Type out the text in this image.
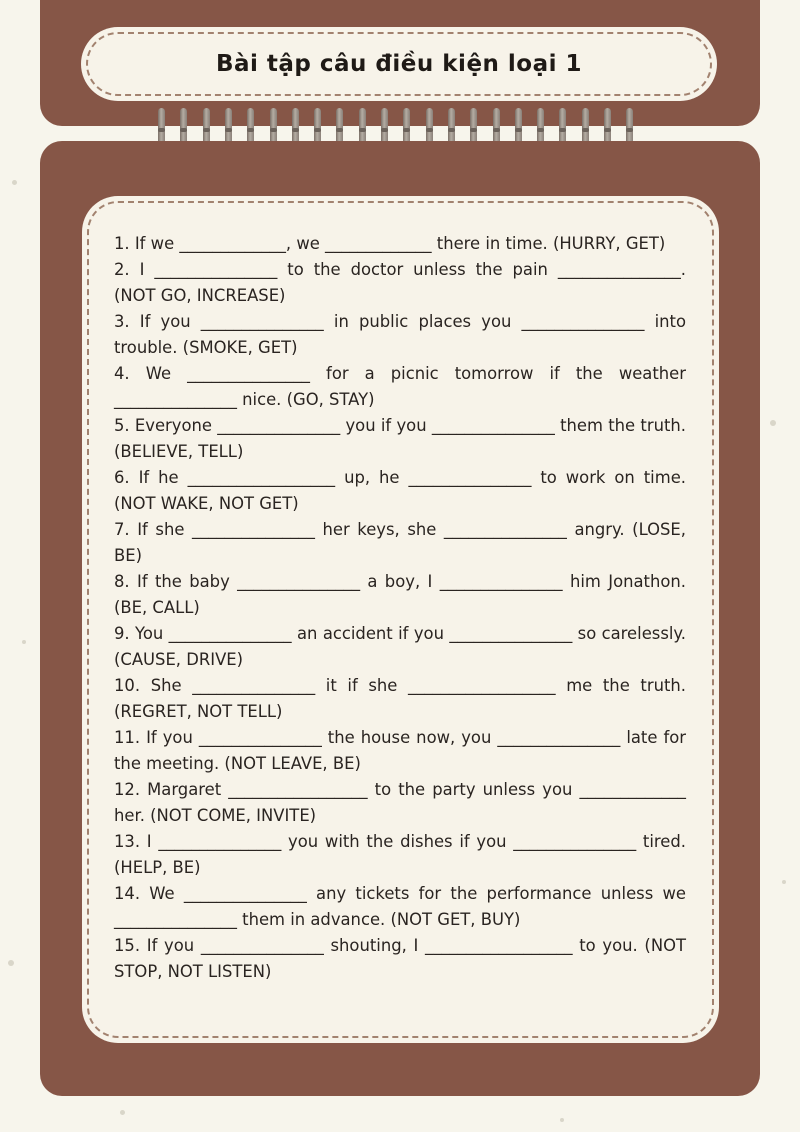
Bài tập câu điều kiện loại 1

1. If we _____________, we _____________ there in time. (HURRY, GET)

2. I _______________ to the doctor unless the pain _______________. (NOT GO, INCREASE)

3. If you _______________ in public places you _______________ into trouble. (SMOKE, GET)

4. We _______________ for a picnic tomorrow if the weather _______________ nice. (GO, STAY)

5. Everyone _______________ you if you _______________ them the truth. (BELIEVE, TELL)

6. If he __________________ up, he _______________ to work on time. (NOT WAKE, NOT GET)

7. If she _______________ her keys, she _______________ angry. (LOSE, BE)

8. If the baby _______________ a boy, I _______________ him Jonathon. (BE, CALL)

9. You _______________ an accident if you _______________ so carelessly. (CAUSE, DRIVE)

10. She _______________ it if she __________________ me the truth. (REGRET, NOT TELL)

11. If you _______________ the house now, you _______________ late for the meeting. (NOT LEAVE, BE)

12. Margaret _________________ to the party unless you _____________ her. (NOT COME, INVITE)

13. I _______________ you with the dishes if you _______________ tired. (HELP, BE)

14. We _______________ any tickets for the performance unless we _______________ them in advance. (NOT GET, BUY)

15. If you _______________ shouting, I __________________ to you. (NOT STOP, NOT LISTEN)
